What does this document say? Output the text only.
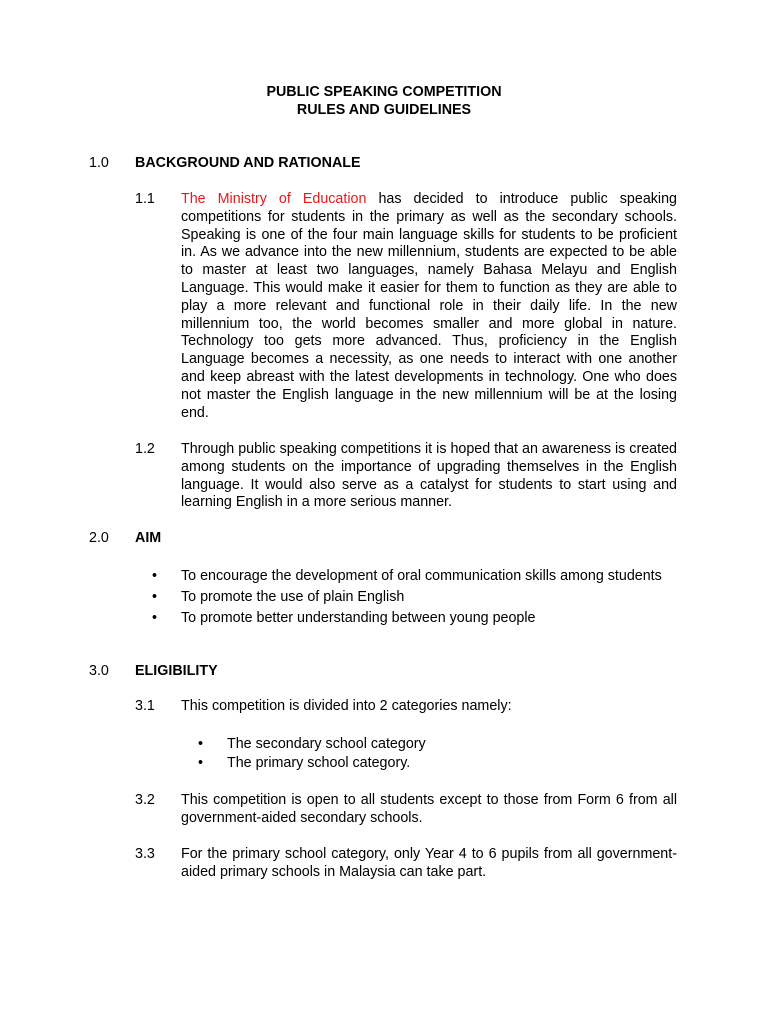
PUBLIC SPEAKING COMPETITION
RULES AND GUIDELINES
1.0 BACKGROUND AND RATIONALE
1.1 The Ministry of Education has decided to introduce public speaking competitions for students in the primary as well as the secondary schools. Speaking is one of the four main language skills for students to be proficient in. As we advance into the new millennium, students are expected to be able to master at least two languages, namely Bahasa Melayu and English Language. This would make it easier for them to function as they are able to play a more relevant and functional role in their daily life. In the new millennium too, the world becomes smaller and more global in nature. Technology too gets more advanced. Thus, proficiency in the English Language becomes a necessity, as one needs to interact with one another and keep abreast with the latest developments in technology. One who does not master the English language in the new millennium will be at the losing end.
1.2 Through public speaking competitions it is hoped that an awareness is created among students on the importance of upgrading themselves in the English language. It would also serve as a catalyst for students to start using and learning English in a more serious manner.
2.0 AIM
•	To encourage the development of oral communication skills among students
•	To promote the use of plain English
•	To promote better understanding between young people
3.0 ELIGIBILITY
3.1 This competition is divided into 2 categories namely:
•	The secondary school category
•	The primary school category.
3.2 This competition is open to all students except to those from Form 6 from all government-aided secondary schools.
3.3 For the primary school category, only Year 4 to 6 pupils from all government-aided primary schools in Malaysia can take part.
